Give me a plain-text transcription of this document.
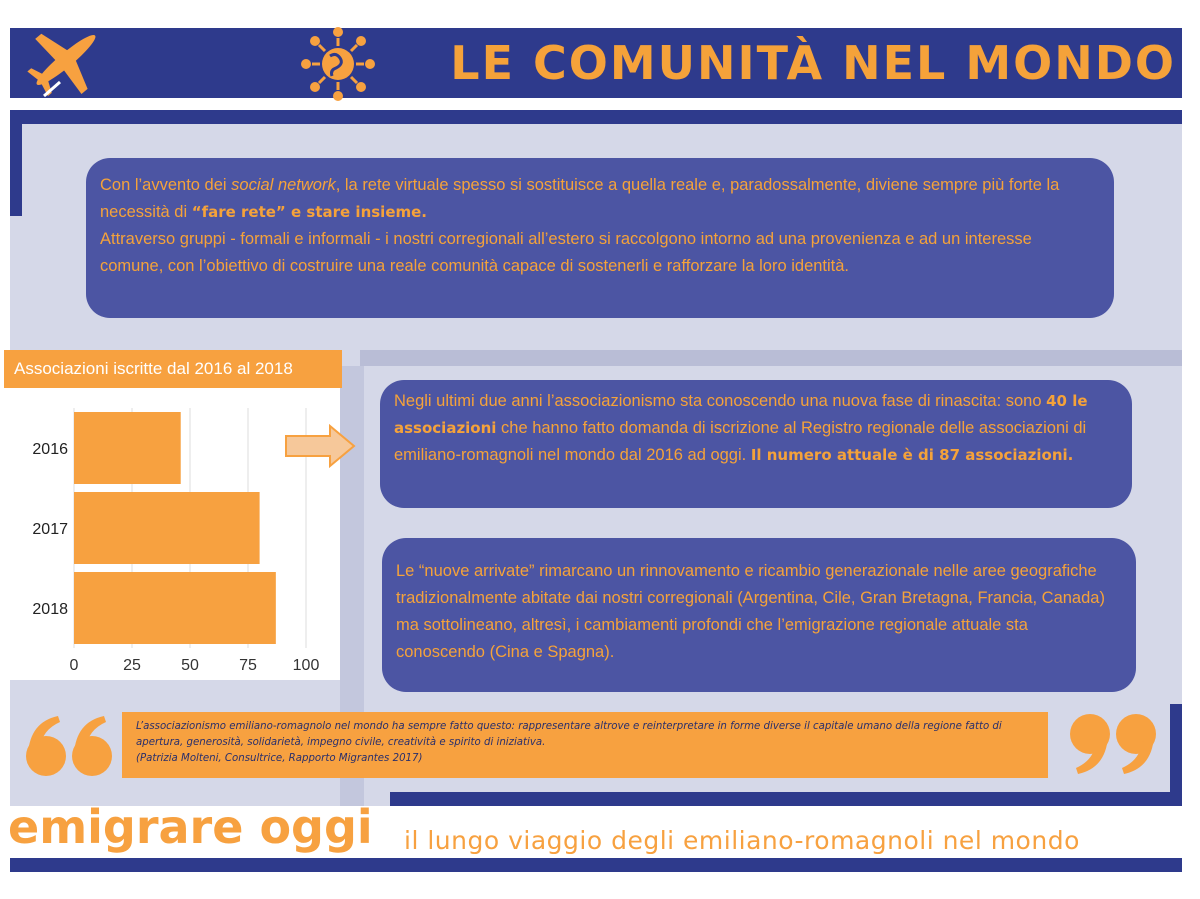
LE COMUNITÀ NEL MONDO

Con l’avvento dei social network, la rete virtuale spesso si sostituisce a quella reale e, paradossalmente, diviene sempre più forte la necessità di “fare rete” e stare insieme.

Attraverso gruppi - formali e informali - i nostri corregionali all’estero si raccolgono intorno ad una provenienza e ad un interesse comune, con l’obiettivo di costruire una reale comunità capace di sostenerli e rafforzare la loro identità.

Associazioni iscritte dal 2016 al 2018
0	25	50	75 100
2016
2017
2018
Negli ultimi due anni l’associazionismo sta conoscendo una nuova fase di rinascita: sono 40 le associazioni che hanno fatto domanda di iscrizione al Registro regionale delle associazioni di emiliano-romagnoli nel mondo dal 2016 ad oggi. Il numero attuale è di 87 associazioni.
Le “nuove arrivate” rimarcano un rinnovamento e ricambio generazionale nelle aree geografiche tradizionalmente abitate dai nostri corregionali (Argentina, Cile, Gran Bretagna, Francia, Canada) ma sottolineano, altresì, i cambiamenti profondi che l’emigrazione regionale attuale sta conoscendo (Cina e Spagna).

L’associazionismo emiliano-romagnolo nel mondo ha sempre fatto questo: rappresentare altrove e reinterpretare in forme diverse il capitale umano della regione fatto di apertura, generosità, solidarietà, impegno civile, creatività e spirito di iniziativa.

(Patrizia Molteni, Consultrice, Rapporto Migrantes 2017)

emigrare oggi il lungo viaggio degli emiliano-romagnoli nel mondo
